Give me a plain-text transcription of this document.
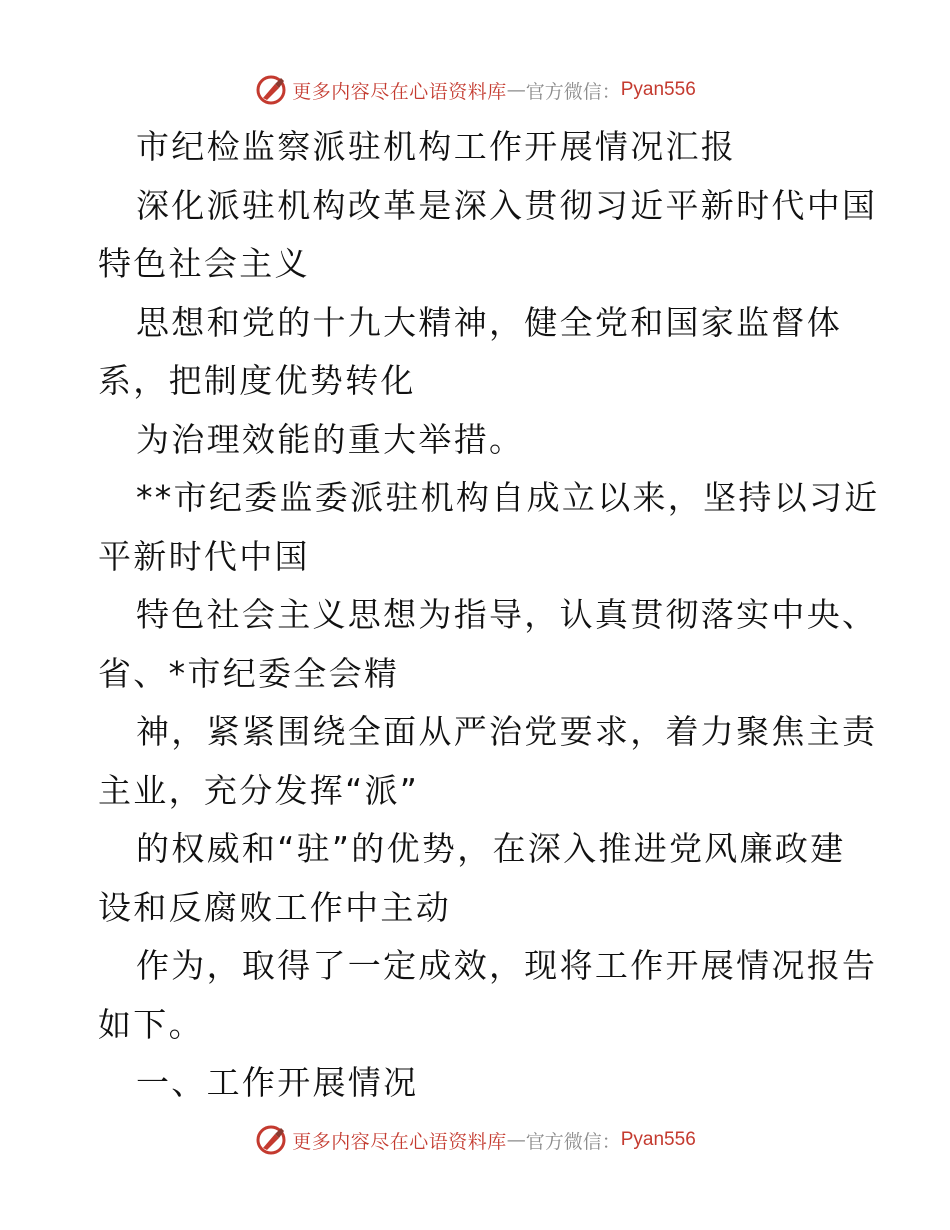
更多内容尽在心语资料库 — 官方微信： Pyan556
市纪检监察派驻机构工作开展情况汇报
深化派驻机构改革是深入贯彻习近平新时代中国
特色社会主义
思想和党的十九大精神，健全党和国家监督体
系，把制度优势转化
为治理效能的重大举措。
**市纪委监委派驻机构自成立以来，坚持以习近
平新时代中国
特色社会主义思想为指导，认真贯彻落实中央、
省、*市纪委全会精
神，紧紧围绕全面从严治党要求，着力聚焦主责
主业，充分发挥“派”
的权威和“驻”的优势，在深入推进党风廉政建
设和反腐败工作中主动
作为，取得了一定成效，现将工作开展情况报告
如下。
一、工作开展情况
更多内容尽在心语资料库 — 官方微信： Pyan556
